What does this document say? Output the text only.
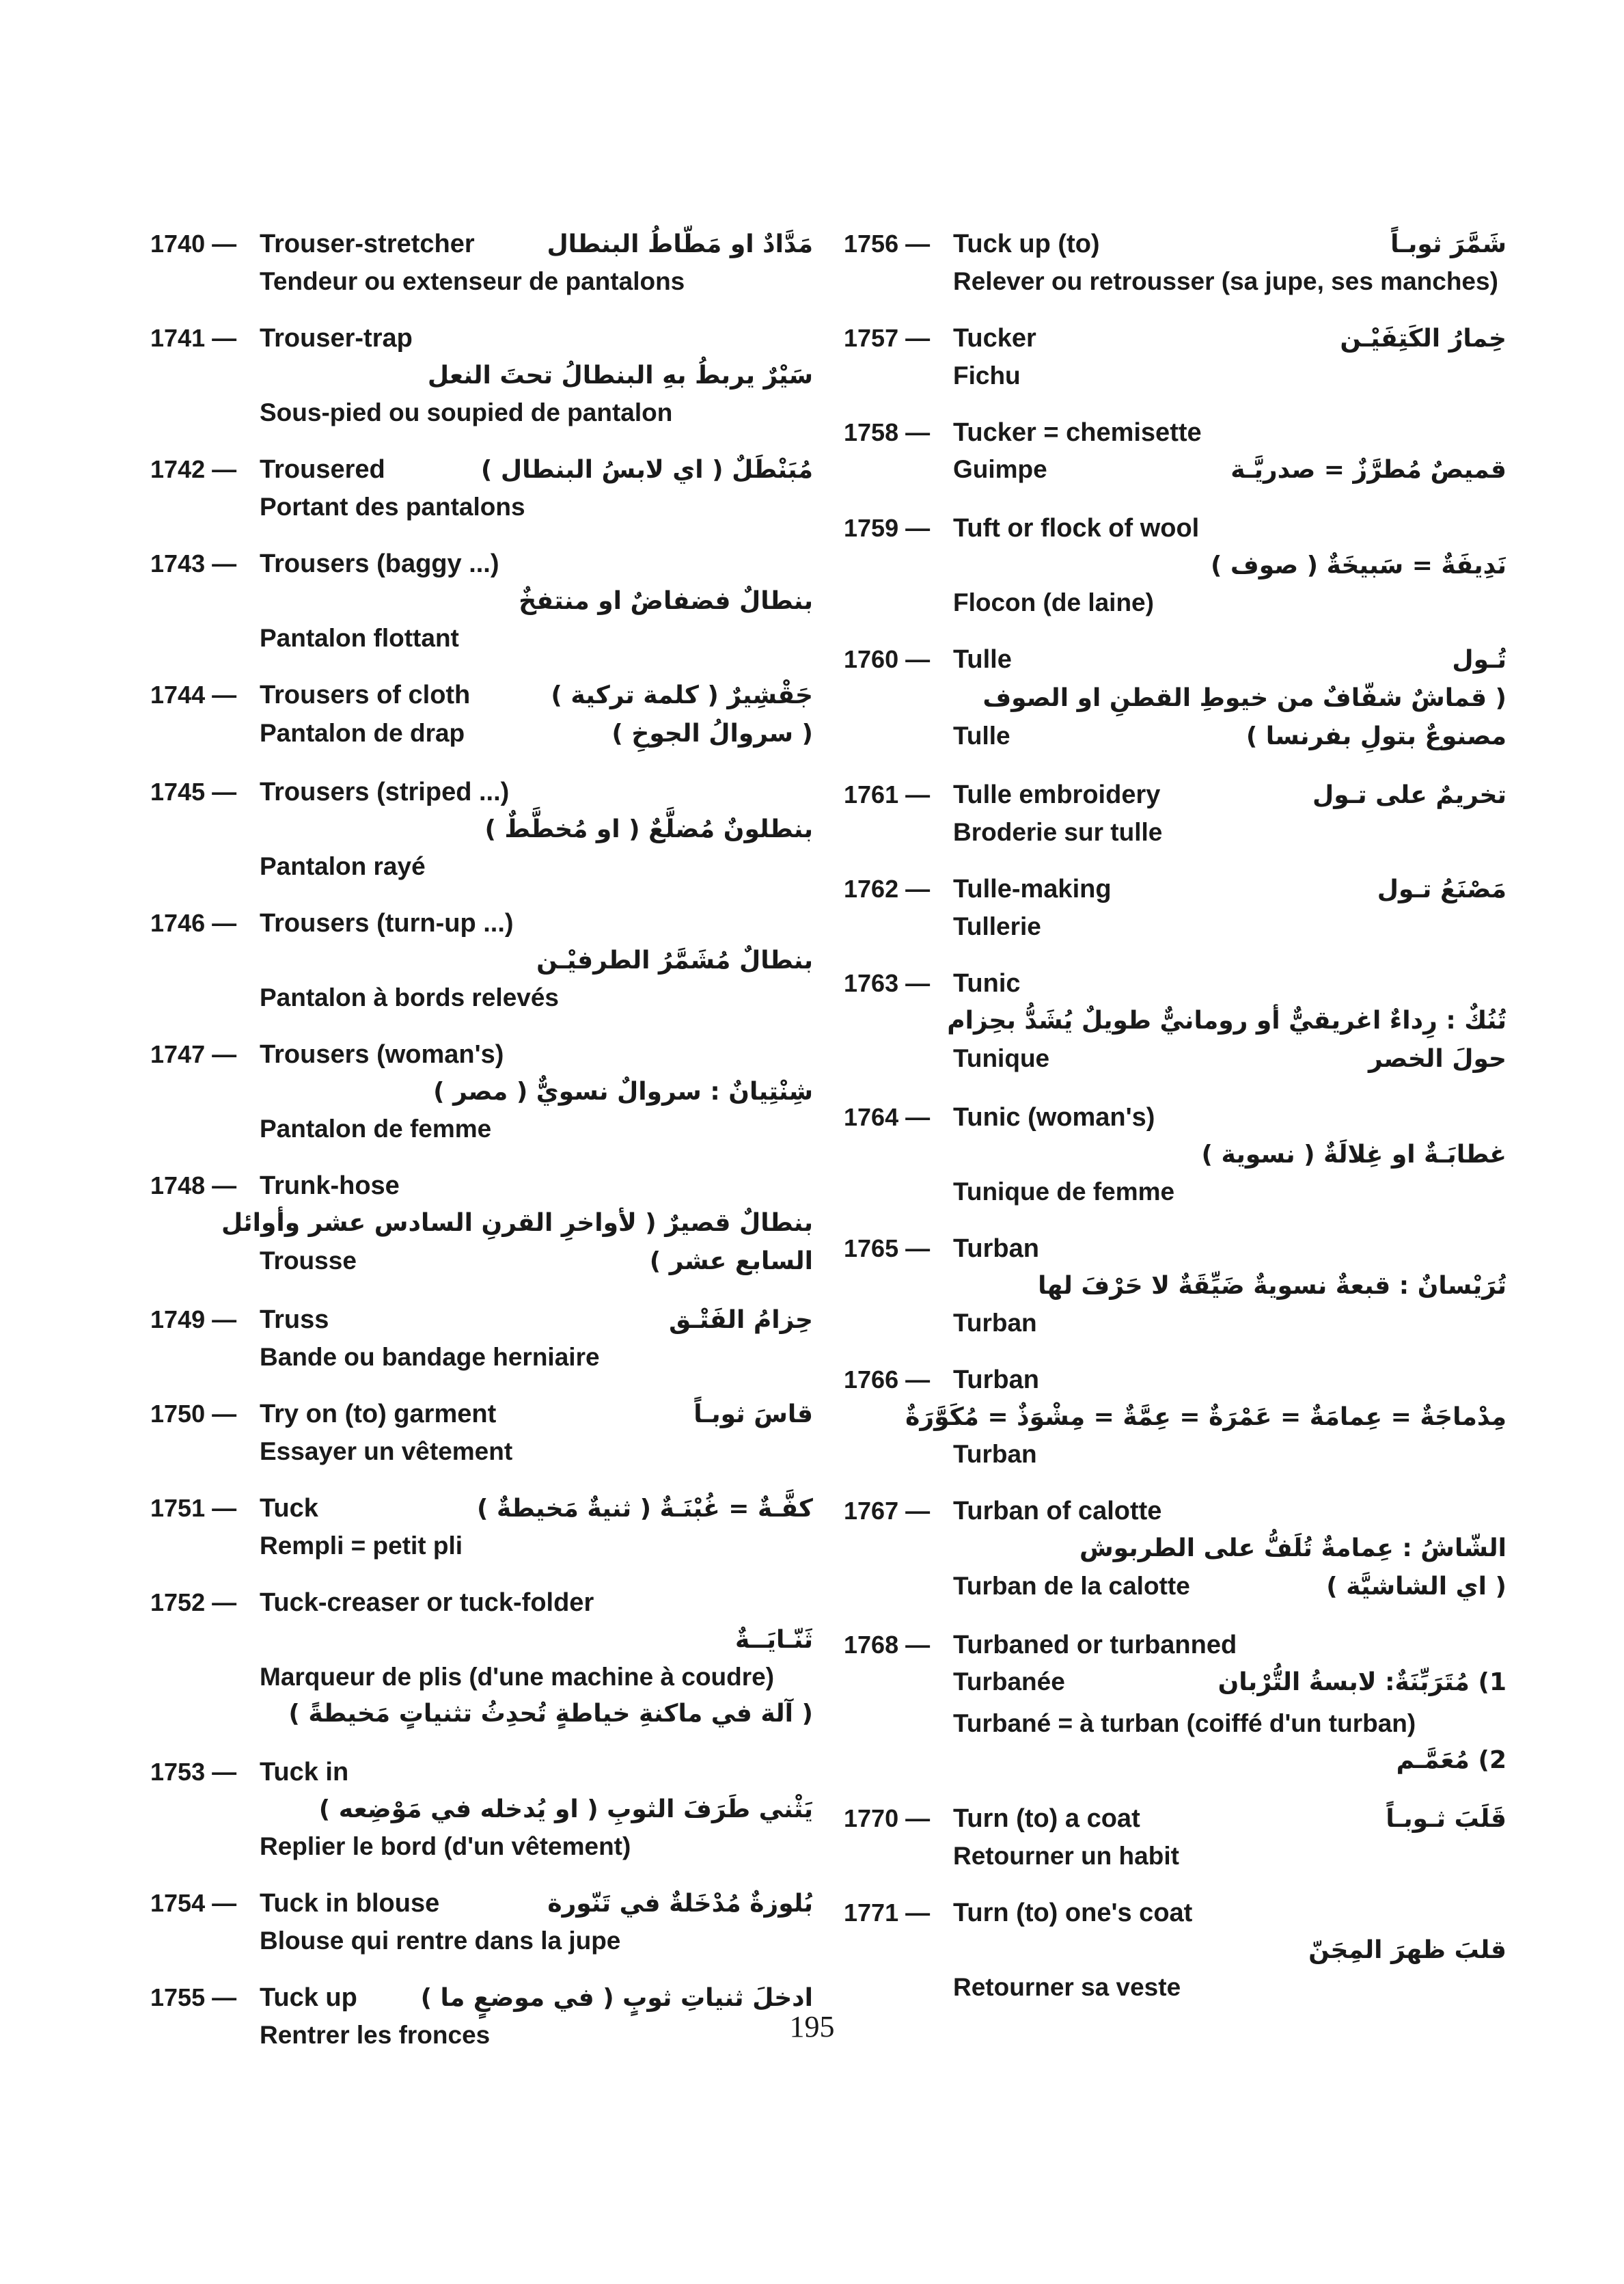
1740 — Trouser-stretcher	مَدَّادٌ او مَطّاطُ البنطال
Tendeur ou extenseur de pantalons
1741 — Trouser-trap
سَيْرٌ يربطُ بهِ البنطالُ تحتَ النعل
Sous-pied ou soupied de pantalon
1742 — Trousered	مُبَنْطَلٌ ( اي لابسُ البنطال )
Portant des pantalons
1743 — Trousers (baggy ...)
بنطالٌ فضفاضٌ او منتفخٌ
Pantalon flottant
1744 — Trousers of cloth	جَقْشِيرٌ ( كلمة تركية )
Pantalon de drap	( سروالُ الجوخِ )
1745 — Trousers (striped ...)
بنطلونٌ مُضلَّعٌ ( او مُخطَّطٌ )
Pantalon rayé
1746 — Trousers (turn-up ...)
بنطالٌ مُشَمَّرُ الطرفيْـن
Pantalon à bords relevés
1747 — Trousers (woman's)
شِنْتِيانٌ : سروالٌ نسويٌّ ( مصر )
Pantalon de femme
1748 — Trunk-hose
بنطالٌ قصيرٌ ( لأواخرِ القرنِ السادس عشر وأوائل
Trousse	السابع عشر )
1749 — Truss	حِزامُ الفَتْـق
Bande ou bandage herniaire
1750 — Try on (to) garment	قاسَ ثوبـاً
Essayer un vêtement
1751 — Tuck	كفَّـةٌ = غُبْنَـةٌ ( ثنيةٌ مَخيطةٌ )
Rempli = petit pli
1752 — Tuck-creaser or tuck-folder
ثَنّـايَــةٌ
Marqueur de plis (d'une machine à coudre)
( آلة في ماكنةِ خياطةٍ تُحدِثُ تثنياتٍ مَخيطةً )
1753 — Tuck in
يَثْني طَرَفَ الثوبِ ( او يُدخله في مَوْضِعه )
Replier le bord (d'un vêtement)
1754 — Tuck in blouse	بُلوزةٌ مُدْخَلةٌ في تَنّورة
Blouse qui rentre dans la jupe
1755 — Tuck up	ادخلَ ثنياتِ ثوبٍ ( في موضعٍ ما )
Rentrer les fronces
1756 — Tuck up (to)	شَمَّرَ ثوبـاً
Relever ou retrousser (sa jupe, ses manches)
1757 — Tucker	خِمارُ الكَتِفَيْـن
Fichu
1758 — Tucker = chemisette
Guimpe	قميصٌ مُطرَّزٌ = صدريَّـة
1759 — Tuft or flock of wool
نَدِيفَةٌ = سَبيخَةٌ ( صوف )
Flocon (de laine)
1760 — Tulle	تُـول
( قماشٌ شفّافٌ من خيوطِ القطنِ او الصوف
Tulle	مصنوعٌ بتولِ بفرنسا )
1761 — Tulle embroidery	تخريمٌ على تـول
Broderie sur tulle
1762 — Tulle-making	مَصْنَعُ تـول
Tullerie
1763 — Tunic
تُنُكٌ : رِداءٌ اغريقيٌّ أو رومانيٌّ طويلٌ يُشَدُّ بحِزام
Tunique	حولَ الخصر
1764 — Tunic (woman's)
غطابَـةٌ او غِلالَةٌ ( نسوية )
Tunique de femme
1765 — Turban
تُرَيْسانٌ : قبعةٌ نسويةٌ ضَيِّقَةٌ لا حَرْفَ لها
Turban
1766 — Turban
مِدْماجَةٌ = عِمامَةٌ = عَمْرَةٌ = عِمَّةٌ = مِشْوَذٌ = مُكَوَّرَةٌ
Turban
1767 — Turban of calotte
الشّاشُ : عِمامةٌ تُلَفُّ على الطربوش
Turban de la calotte	( اي الشاشيَّة )
1768 — Turbaned or turbanned
Turbanée	1) مُتَرَبِّنَةٌ: لابسةُ التُّرْبان
Turbané = à turban (coiffé d'un turban)
2) مُعَمَّـم
1770 — Turn (to) a coat	قَلَبَ ثـوبـاً
Retourner un habit
1771 — Turn (to) one's coat
قلبَ ظهرَ المِجَنّ
Retourner sa veste
195
